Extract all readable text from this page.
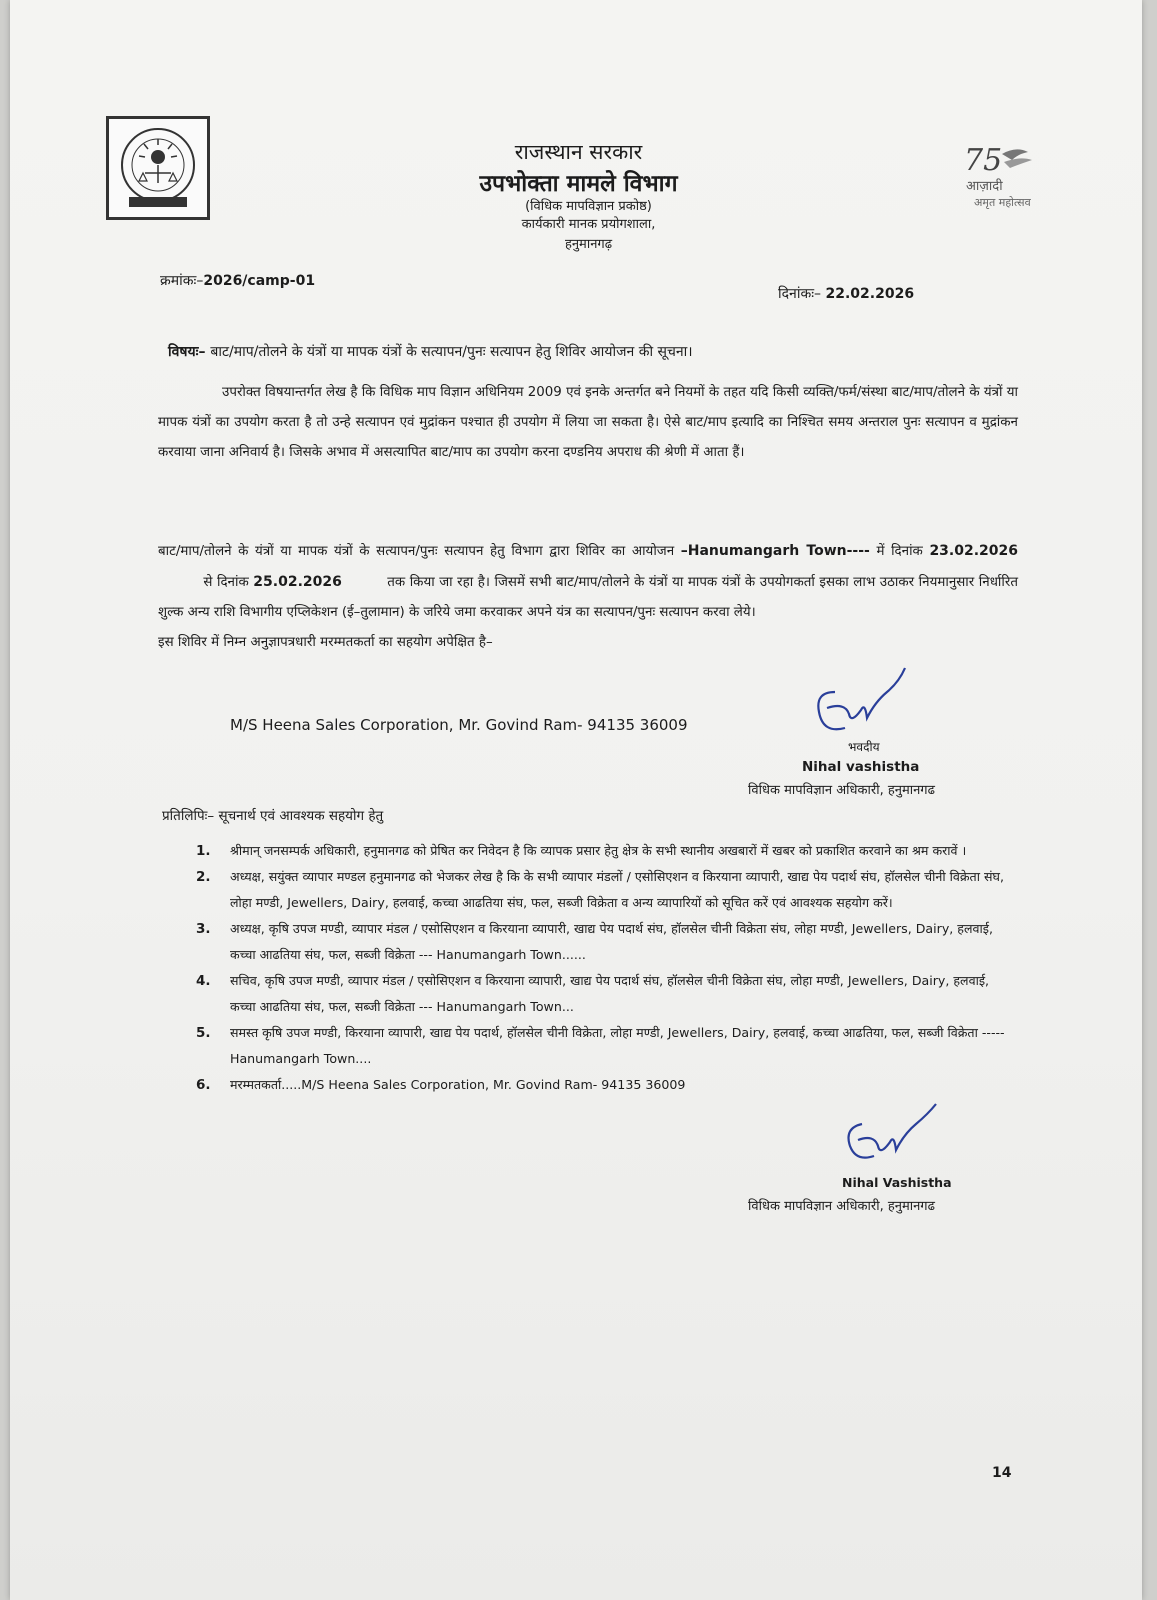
75
आज़ादी
अमृत महोत्सव
राजस्थान सरकार
उपभोक्ता मामले विभाग
(विधिक मापविज्ञान प्रकोष्ठ)
कार्यकारी मानक प्रयोगशाला,
हनुमानगढ़
क्रमांकः–2026/camp-01
दिनांकः– 22.02.2026
विषयः– बाट/माप/तोलने के यंत्रों या मापक यंत्रों के सत्यापन/पुनः सत्यापन हेतु शिविर आयोजन की सूचना।
उपरोक्त विषयान्तर्गत लेख है कि विधिक माप विज्ञान अधिनियम 2009 एवं इनके अन्तर्गत बने नियमों के तहत यदि किसी व्यक्ति/फर्म/संस्था बाट/माप/तोलने के यंत्रों या मापक यंत्रों का उपयोग करता है तो उन्हे सत्यापन एवं मुद्रांकन पश्चात ही उपयोग में लिया जा सकता है। ऐसे बाट/माप इत्यादि का निश्चित समय अन्तराल पुनः सत्यापन व मुद्रांकन करवाया जाना अनिवार्य है। जिसके अभाव में असत्यापित बाट/माप का उपयोग करना दण्डनिय अपराध की श्रेणी में आता हैं।
बाट/माप/तोलने के यंत्रों या मापक यंत्रों के सत्यापन/पुनः सत्यापन हेतु विभाग द्वारा शिविर का आयोजन –Hanumangarh Town---- में दिनांक 23.02.2026          से दिनांक 25.02.2026          तक किया जा रहा है। जिसमें सभी बाट/माप/तोलने के यंत्रों या मापक यंत्रों के उपयोगकर्ता इसका लाभ उठाकर नियमानुसार निर्धारित शुल्क अन्य राशि विभागीय एप्लिकेशन (ई–तुलामान) के जरिये जमा करवाकर अपने यंत्र का सत्यापन/पुनः सत्यापन करवा लेये।
इस शिविर में निम्न अनुज्ञापत्रधारी मरम्मतकर्ता का सहयोग अपेक्षित है–
M/S Heena Sales Corporation, Mr. Govind Ram- 94135 36009
भवदीय
Nihal vashistha
विधिक मापविज्ञान अधिकारी, हनुमानगढ
प्रतिलिपिः– सूचनार्थ एवं आवश्यक सहयोग हेतु
1. श्रीमान् जनसम्पर्क अधिकारी, हनुमानगढ को प्रेषित कर निवेदन है कि व्यापक प्रसार हेतु क्षेत्र के सभी स्थानीय अखबारों में खबर को प्रकाशित करवाने का श्रम करावें ।
2. अध्यक्ष, सयुंक्त व्यापार मण्डल हनुमानगढ को भेजकर लेख है कि के सभी व्यापार मंडलों / एसोसिएशन व किरयाना व्यापारी, खाद्य पेय पदार्थ संघ, हॉलसेल चीनी विक्रेता संघ, लोहा मण्डी, Jewellers, Dairy, हलवाई, कच्चा आढतिया संघ, फल, सब्जी विक्रेता व अन्य व्यापारियों को सूचित करें एवं आवश्यक सहयोग करें।
3. अध्यक्ष, कृषि उपज मण्डी, व्यापार मंडल / एसोसिएशन व किरयाना व्यापारी, खाद्य पेय पदार्थ संघ, हॉलसेल चीनी विक्रेता संघ, लोहा मण्डी, Jewellers, Dairy, हलवाई, कच्चा आढतिया संघ, फल, सब्जी विक्रेता --- Hanumangarh Town......
4. सचिव, कृषि उपज मण्डी, व्यापार मंडल / एसोसिएशन व किरयाना व्यापारी, खाद्य पेय पदार्थ संघ, हॉलसेल चीनी विक्रेता संघ, लोहा मण्डी, Jewellers, Dairy, हलवाई, कच्चा आढतिया संघ, फल, सब्जी विक्रेता --- Hanumangarh Town...
5. समस्त कृषि उपज मण्डी, किरयाना व्यापारी, खाद्य पेय पदार्थ, हॉलसेल चीनी विक्रेता, लोहा मण्डी, Jewellers, Dairy, हलवाई, कच्चा आढतिया, फल, सब्जी विक्रेता ----- Hanumangarh Town....
6. मरम्मतकर्ता.....M/S Heena Sales Corporation, Mr. Govind Ram- 94135 36009
Nihal Vashistha
विधिक मापविज्ञान अधिकारी, हनुमानगढ
14
